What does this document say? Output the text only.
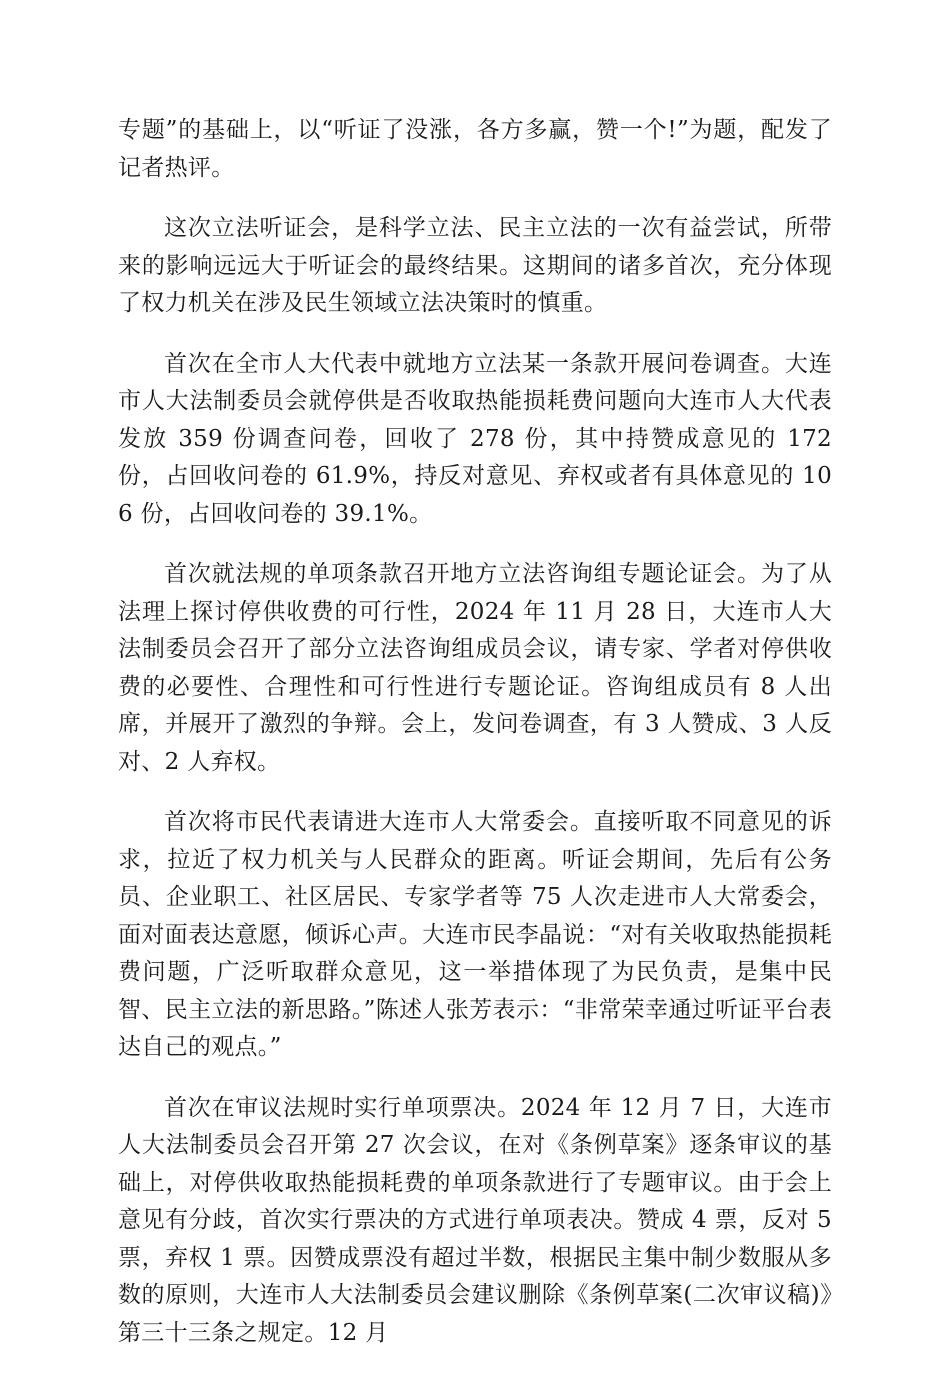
专题”的基础上，以“听证了没涨，各方多赢，赞一个!”为题，配发了记者热评。

这次立法听证会，是科学立法、民主立法的一次有益尝试，所带来的影响远远大于听证会的最终结果。这期间的诸多首次，充分体现了权力机关在涉及民生领域立法决策时的慎重。

首次在全市人大代表中就地方立法某一条款开展问卷调查。大连市人大法制委员会就停供是否收取热能损耗费问题向大连市人大代表发放 359 份调查问卷，回收了 278 份，其中持赞成意见的 172 份，占回收问卷的 61.9%，持反对意见、弃权或者有具体意见的 106 份，占回收问卷的 39.1%。

首次就法规的单项条款召开地方立法咨询组专题论证会。为了从法理上探讨停供收费的可行性，2024 年 11 月 28 日，大连市人大法制委员会召开了部分立法咨询组成员会议，请专家、学者对停供收费的必要性、合理性和可行性进行专题论证。咨询组成员有 8 人出席，并展开了激烈的争辩。会上，发问卷调查，有 3 人赞成、3 人反对、2 人弃权。

首次将市民代表请进大连市人大常委会。直接听取不同意见的诉求，拉近了权力机关与人民群众的距离。听证会期间，先后有公务员、企业职工、社区居民、专家学者等 75 人次走进市人大常委会，面对面表达意愿，倾诉心声。大连市民李晶说：“对有关收取热能损耗费问题，广泛听取群众意见，这一举措体现了为民负责，是集中民智、民主立法的新思路。”陈述人张芳表示：“非常荣幸通过听证平台表达自己的观点。”

首次在审议法规时实行单项票决。2024 年 12 月 7 日，大连市人大法制委员会召开第 27 次会议，在对《条例草案》逐条审议的基础上，对停供收取热能损耗费的单项条款进行了专题审议。由于会上意见有分歧，首次实行票决的方式进行单项表决。赞成 4 票，反对 5 票，弃权 1 票。因赞成票没有超过半数，根据民主集中制少数服从多数的原则，大连市人大法制委员会建议删除《条例草案(二次审议稿)》第三十三条之规定。12 月
